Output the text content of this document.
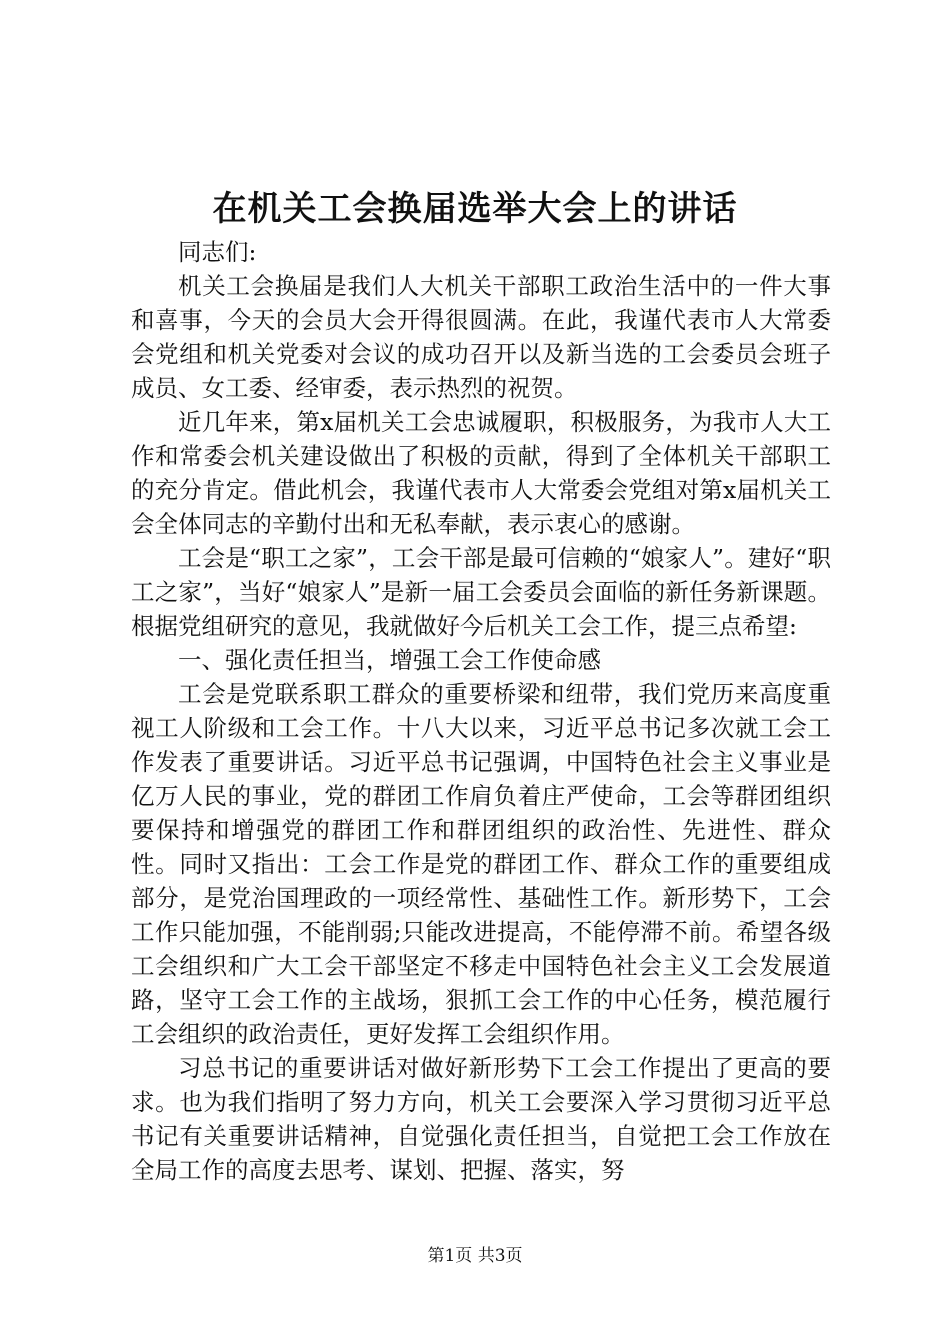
在机关工会换届选举大会上的讲话

同志们:

机关工会换届是我们人大机关干部职工政治生活中的一件大事和喜事，今天的会员大会开得很圆满。在此，我谨代表市人大常委会党组和机关党委对会议的成功召开以及新当选的工会委员会班子成员、女工委、经审委，表示热烈的祝贺。

近几年来，第x届机关工会忠诚履职，积极服务，为我市人大工作和常委会机关建设做出了积极的贡献，得到了全体机关干部职工的充分肯定。借此机会，我谨代表市人大常委会党组对第x届机关工会全体同志的辛勤付出和无私奉献，表示衷心的感谢。

工会是“职工之家”，工会干部是最可信赖的“娘家人”。建好“职工之家”，当好“娘家人”是新一届工会委员会面临的新任务新课题。根据党组研究的意见，我就做好今后机关工会工作，提三点希望:

一、强化责任担当，增强工会工作使命感

工会是党联系职工群众的重要桥梁和纽带，我们党历来高度重视工人阶级和工会工作。十八大以来，习近平总书记多次就工会工作发表了重要讲话。习近平总书记强调，中国特色社会主义事业是亿万人民的事业，党的群团工作肩负着庄严使命，工会等群团组织要保持和增强党的群团工作和群团组织的政治性、先进性、群众性。同时又指出：工会工作是党的群团工作、群众工作的重要组成部分，是党治国理政的一项经常性、基础性工作。新形势下，工会工作只能加强，不能削弱;只能改进提高，不能停滞不前。希望各级工会组织和广大工会干部坚定不移走中国特色社会主义工会发展道路，坚守工会工作的主战场，狠抓工会工作的中心任务，模范履行工会组织的政治责任，更好发挥工会组织作用。

习总书记的重要讲话对做好新形势下工会工作提出了更高的要求。也为我们指明了努力方向，机关工会要深入学习贯彻习近平总书记有关重要讲话精神，自觉强化责任担当，自觉把工会工作放在全局工作的高度去思考、谋划、把握、落实，努

第1页 共3页
